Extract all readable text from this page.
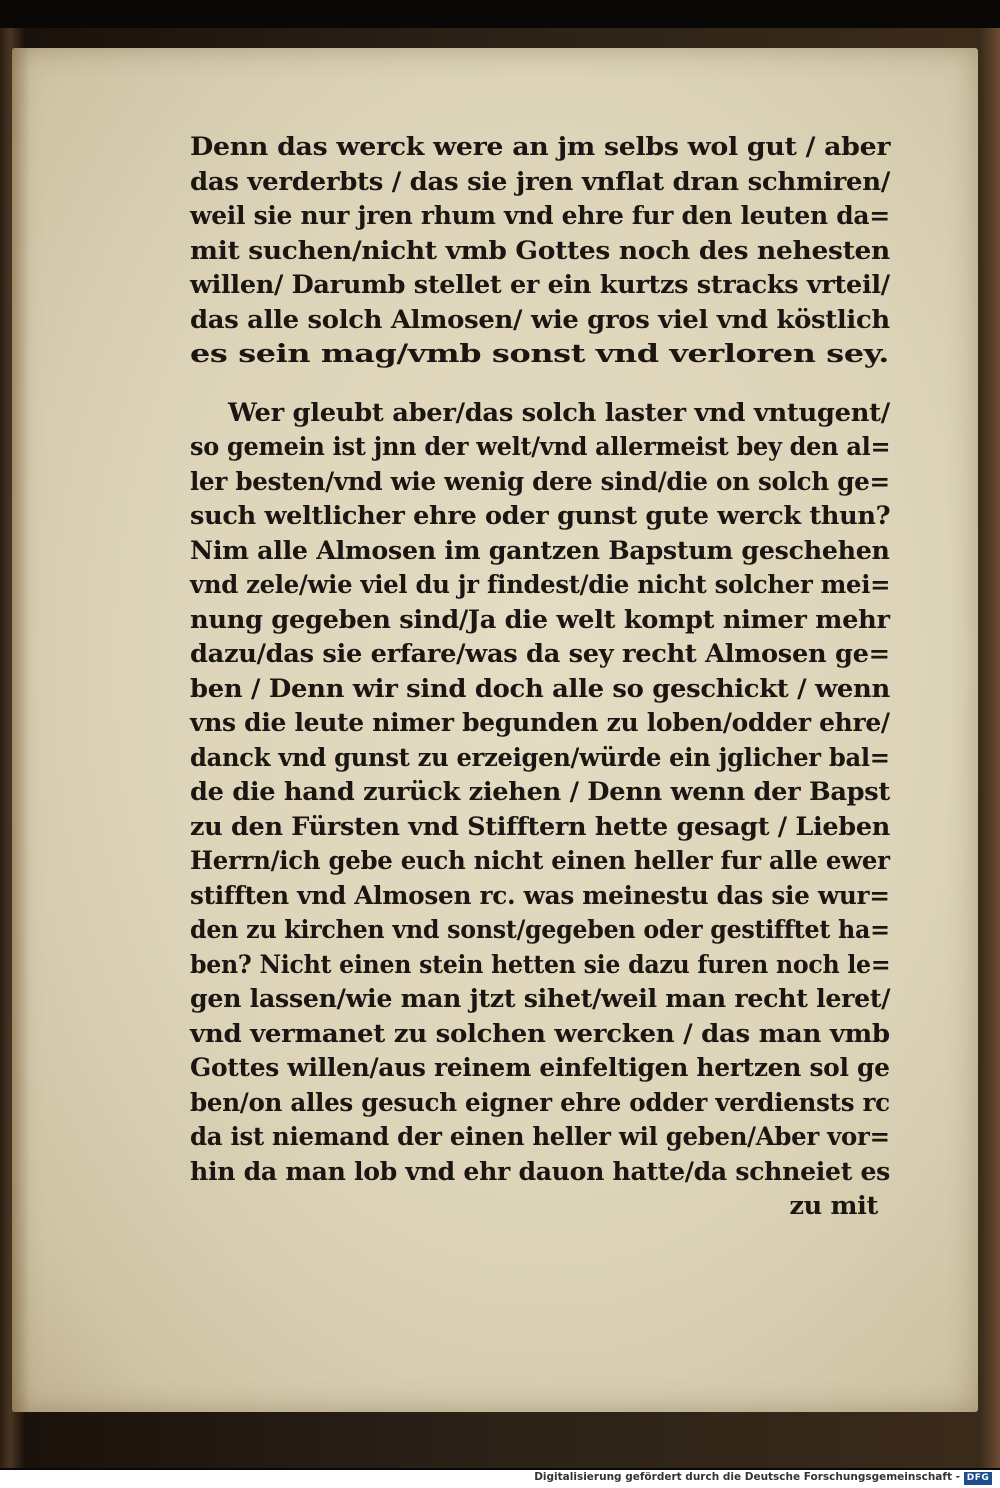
Denn das werck were an jm selbs wol gut / aber
das verderbts / das sie jren vnflat dran schmiren/
weil sie nur jren rhum vnd ehre fur den leuten da=
mit suchen/nicht vmb Gottes noch des nehesten
willen/ Darumb stellet er ein kurtzs stracks vrteil/
das alle solch Almosen/ wie gros viel vnd köstlich
es sein mag/vmb sonst vnd verloren sey.
Wer gleubt aber/das solch laster vnd vntugent/
so gemein ist jnn der welt/vnd allermeist bey den al=
ler besten/vnd wie wenig dere sind/die on solch ge=
such weltlicher ehre oder gunst gute werck thun?
Nim alle Almosen im gantzen Bapstum geschehen
vnd zele/wie viel du jr findest/die nicht solcher mei=
nung gegeben sind/Ja die welt kompt nimer mehr
dazu/das sie erfare/was da sey recht Almosen ge=
ben / Denn wir sind doch alle so geschickt / wenn
vns die leute nimer begunden zu loben/odder ehre/
danck vnd gunst zu erzeigen/würde ein jglicher bal=
de die hand zurück ziehen / Denn wenn der Bapst
zu den Fürsten vnd Stifftern hette gesagt / Lieben
Herrn/ich gebe euch nicht einen heller fur alle ewer
stifften vnd Almosen rc. was meinestu das sie wur=
den zu kirchen vnd sonst/gegeben oder gestifftet ha=
ben? Nicht einen stein hetten sie dazu furen noch le=
gen lassen/wie man jtzt sihet/weil man recht leret/
vnd vermanet zu solchen wercken / das man vmb
Gottes willen/aus reinem einfeltigen hertzen sol ge
ben/on alles gesuch eigner ehre odder verdiensts rc
da ist niemand der einen heller wil geben/Aber vor=
hin da man lob vnd ehr dauon hatte/da schneiet es
zu mit
Digitalisierung gefördert durch die Deutsche Forschungsgemeinschaft - DFG
